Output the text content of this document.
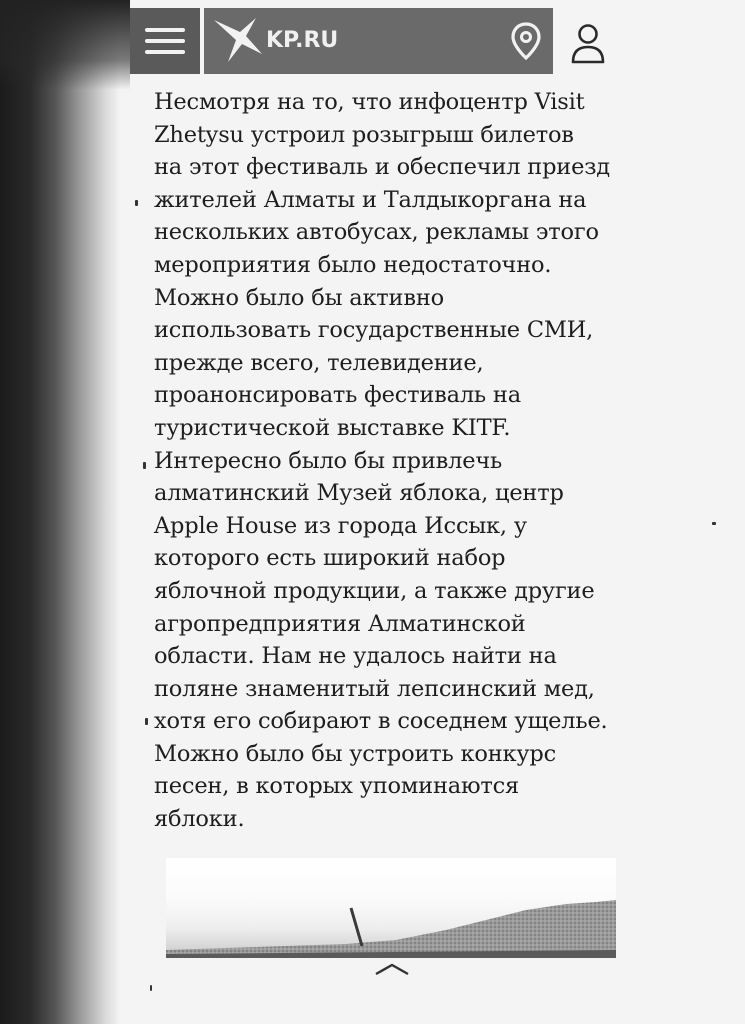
KP.RU

Несмотря на то, что инфоцентр Visit
Zhetysu устроил розыгрыш билетов
на этот фестиваль и обеспечил приезд
жителей Алматы и Талдыкоргана на
нескольких автобусах, рекламы этого
мероприятия было недостаточно.
Можно было бы активно
использовать государственные СМИ,
прежде всего, телевидение,
проанонсировать фестиваль на
туристической выставке KITF.
Интересно было бы привлечь
алматинский Музей яблока, центр
Apple House из города Иссык, у
которого есть широкий набор
яблочной продукции, а также другие
агропредприятия Алматинской
области. Нам не удалось найти на
поляне знаменитый лепсинский мед,
хотя его собирают в соседнем ущелье.
Можно было бы устроить конкурс
песен, в которых упоминаются
яблоки.
